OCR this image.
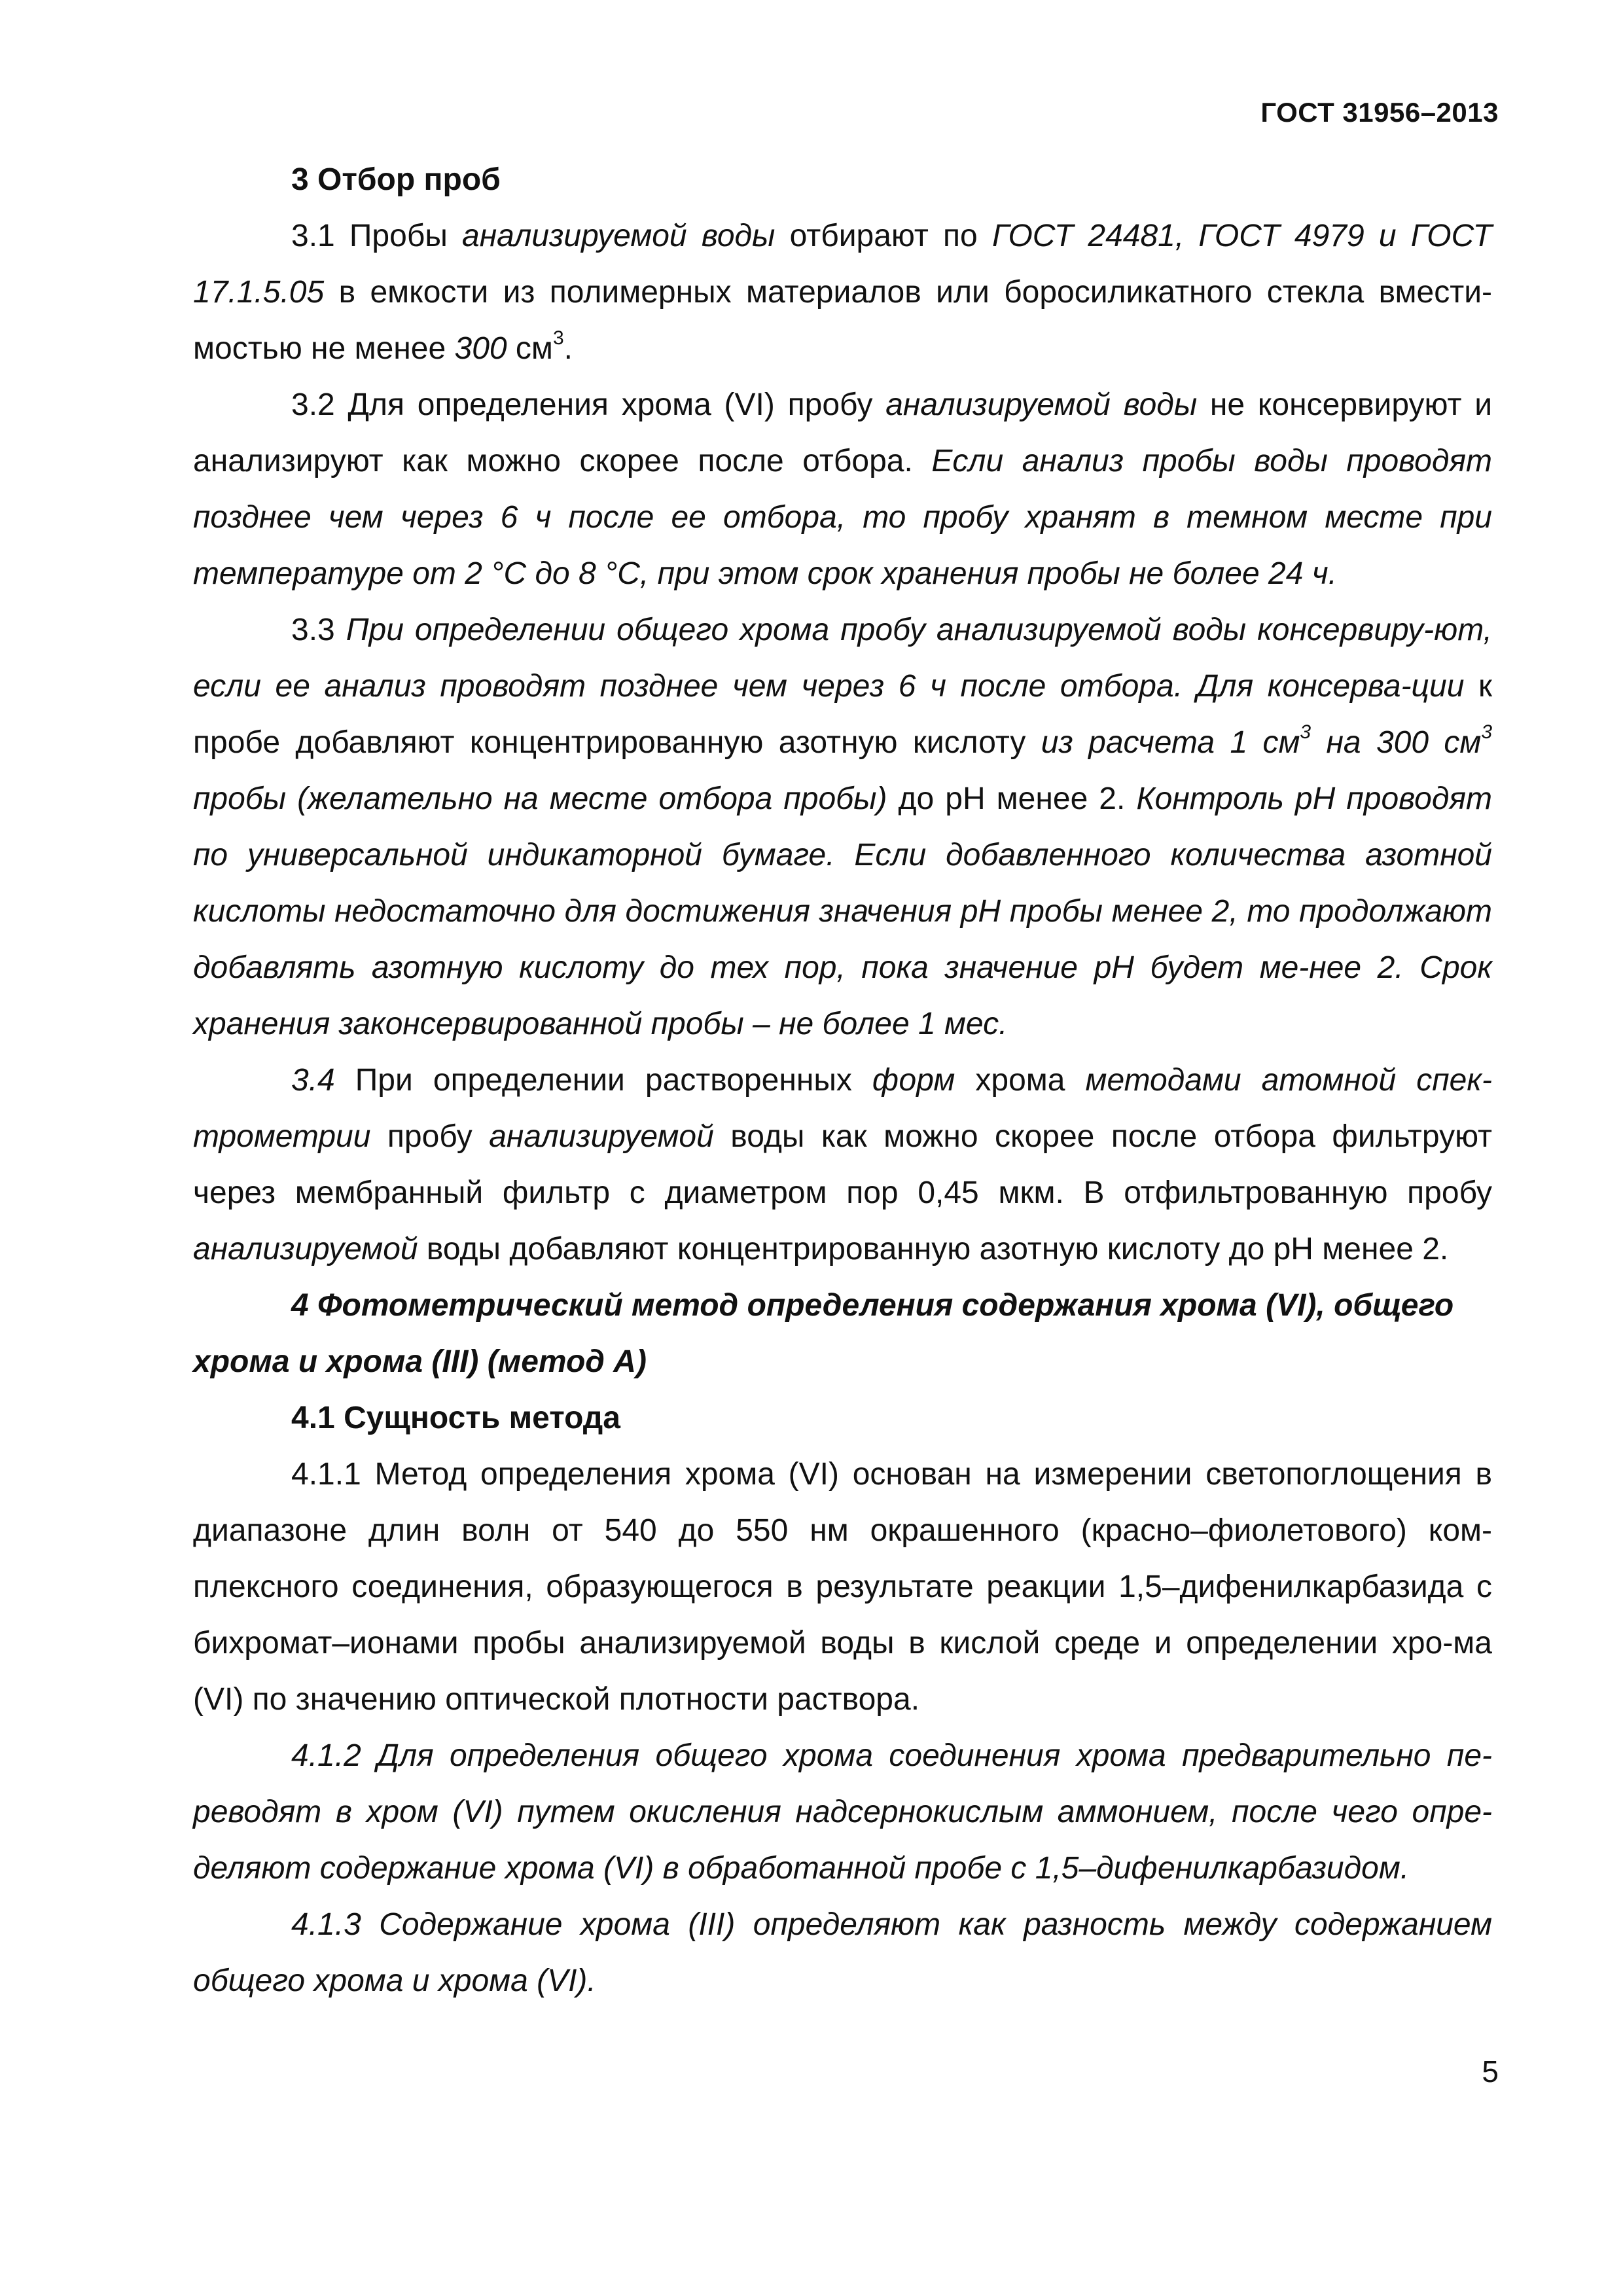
ГОСТ 31956–2013
3 Отбор проб

3.1 Пробы анализируемой воды отбирают по ГОСТ 24481, ГОСТ 4979 и ГОСТ 17.1.5.05 в емкости из полимерных материалов или боросиликатного стекла вмести-мостью не менее 300 $см^3$.

3.2 Для определения хрома (VI) пробу анализируемой воды не консервируют и анализируют как можно скорее после отбора. Если анализ пробы воды проводят позднее чем через 6 ч после ее отбора, то пробу хранят в темном месте при температуре от 2 °С до 8 °С, при этом срок хранения пробы не более 24 ч.

3.3 При определении общего хрома пробу анализируемой воды консервиру-ют, если ее анализ проводят позднее чем через 6 ч после отбора. Для консерва-ции к пробе добавляют концентрированную азотную кислоту из расчета 1 $см^3$ на 300 $см^3$ пробы (желательно на месте отбора пробы) до рН менее 2. Контроль рН проводят по универсальной индикаторной бумаге. Если добавленного количества азотной кислоты недостаточно для достижения значения рН пробы менее 2, то продолжают добавлять азотную кислоту до тех пор, пока значение рН будет ме-нее 2. Срок хранения законсервированной пробы – не более 1 мес.

3.4 При определении растворенных форм хрома методами атомной спек-трометрии пробу анализируемой воды как можно скорее после отбора фильтруют через мембранный фильтр с диаметром пор 0,45 мкм. В отфильтрованную пробу анализируемой воды добавляют концентрированную азотную кислоту до рН менее 2.

4 Фотометрический метод определения содержания хрома (VI), общего хрома и хрома (III) (метод А)
4.1 Сущность метода

4.1.1 Метод определения хрома (VI) основан на измерении светопоглощения в диапазоне длин волн от 540 до 550 нм окрашенного (красно–фиолетового) ком-плексного соединения, образующегося в результате реакции 1,5–дифенилкарбазида с бихромат–ионами пробы анализируемой воды в кислой среде и определении хро-ма (VI) по значению оптической плотности раствора.

4.1.2 Для определения общего хрома соединения хрома предварительно пе-реводят в хром (VI) путем окисления надсернокислым аммонием, после чего опре-деляют содержание хрома (VI) в обработанной пробе с 1,5–дифенилкарбазидом.

4.1.3 Содержание хрома (III) определяют как разность между содержанием общего хрома и хрома (VI).

5
